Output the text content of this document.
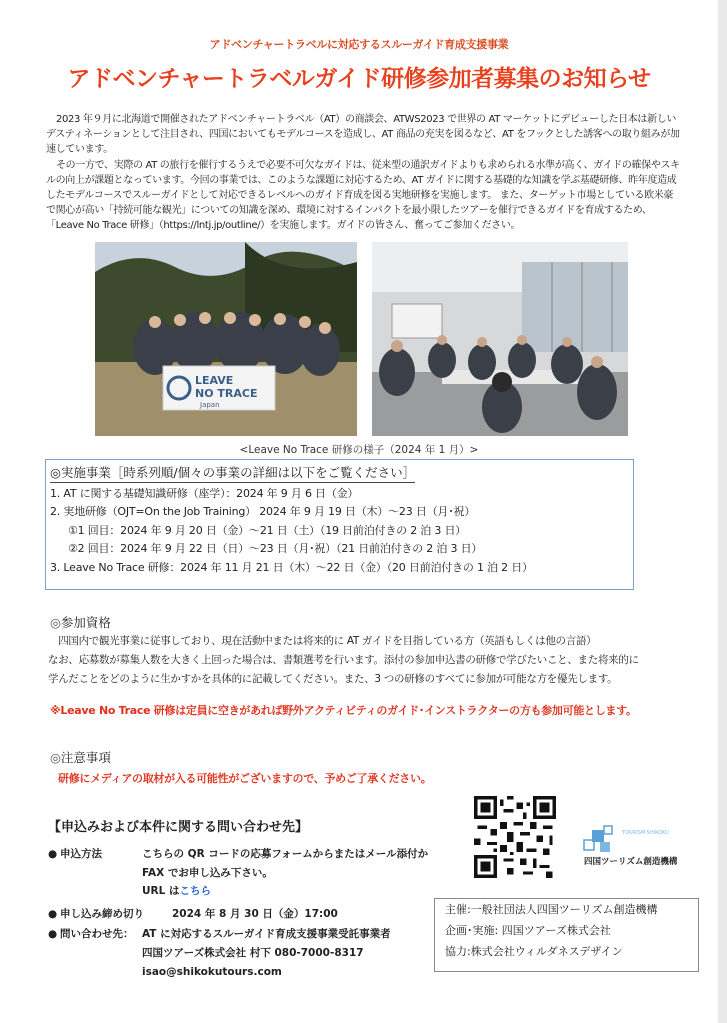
アドベンチャートラベルに対応するスルーガイド育成支援事業
アドベンチャートラベルガイド研修参加者募集のお知らせ

2023 年９月に北海道で開催されたアドベンチャートラベル（AT）の商談会、ATWS2023 で世界の AT マーケットにデビューした日本は新しいデスティネーションとして注目され、四国においてもモデルコースを造成し、AT 商品の充実を図るなど、AT をフックとした誘客への取り組みが加速しています。

その一方で、実際の AT の旅行を催行するうえで必要不可欠なガイドは、従来型の通訳ガイドよりも求められる水準が高く、ガイドの確保やスキルの向上が課題となっています。今回の事業では、このような課題に対応するため、AT ガイドに関する基礎的な知識を学ぶ基礎研修、昨年度造成したモデルコースでスルーガイドとして対応できるレベルへのガイド育成を図る実地研修を実施します。 また、ターゲット市場としている欧米豪で関心が高い「持続可能な観光」についての知識を深め、環境に対するインパクトを最小限したツアーを催行できるガイドを育成するため、「Leave No Trace 研修」（https://lntj.jp/outline/）を実施します。ガイドの皆さん、奮ってご参加ください。

LEAVE
NO TRACE
Japan
<Leave No Trace 研修の様子（2024 年 1 月）>
◎実施事業［時系列順/個々の事業の詳細は以下をご覧ください］
1. AT に関する基礎知識研修（座学）：2024 年 9 月 6 日（金）
2. 実地研修（OJT=On the Job Training） 2024 年 9 月 19 日（木）～23 日（月･祝）
①1 回目：2024 年 9 月 20 日（金）～21 日（土）（19 日前泊付きの 2 泊 3 日）
②2 回目：2024 年 9 月 22 日（日）～23 日（月･祝）（21 日前泊付きの 2 泊 3 日）
3. Leave No Trace 研修：2024 年 11 月 21 日（木）～22 日（金）（20 日前泊付きの 1 泊 2 日）
◎参加資格

　四国内で観光事業に従事しており、現在活動中または将来的に AT ガイドを目指している方（英語もしくは他の言語）

なお、応募数が募集人数を大きく上回った場合は、書類選考を行います。添付の参加申込書の研修で学びたいこと、また将来的に

学んだことをどのように生かすかを具体的に記載してください。また、3 つの研修のすべてに参加が可能な方を優先します。

※Leave No Trace 研修は定員に空きがあれば野外アクティビティのガイド･インストラクターの方も参加可能とします。
◎注意事項
研修にメディアの取材が入る可能性がございますので、予めご了承ください。
【申込みおよび本件に関する問い合わせ先】
● 申込方法	こちらの QR コードの応募フォームからまたはメール添付か
FAX でお申し込み下さい。
URL はこちら
● 申し込み締め切り	2024 年 8 月 30 日（金）17:00
● 問い合わせ先： AT に対応するスルーガイド育成支援事業受託事業者
四国ツアーズ株式会社 村下 080-7000-8317
isao@shikokutours.com
TOURISM SHIKOKU
四国ツーリズム創造機構
主催:一般社団法人四国ツーリズム創造機構
企画･実施: 四国ツアーズ株式会社
協力:株式会社ウィルダネスデザイン
